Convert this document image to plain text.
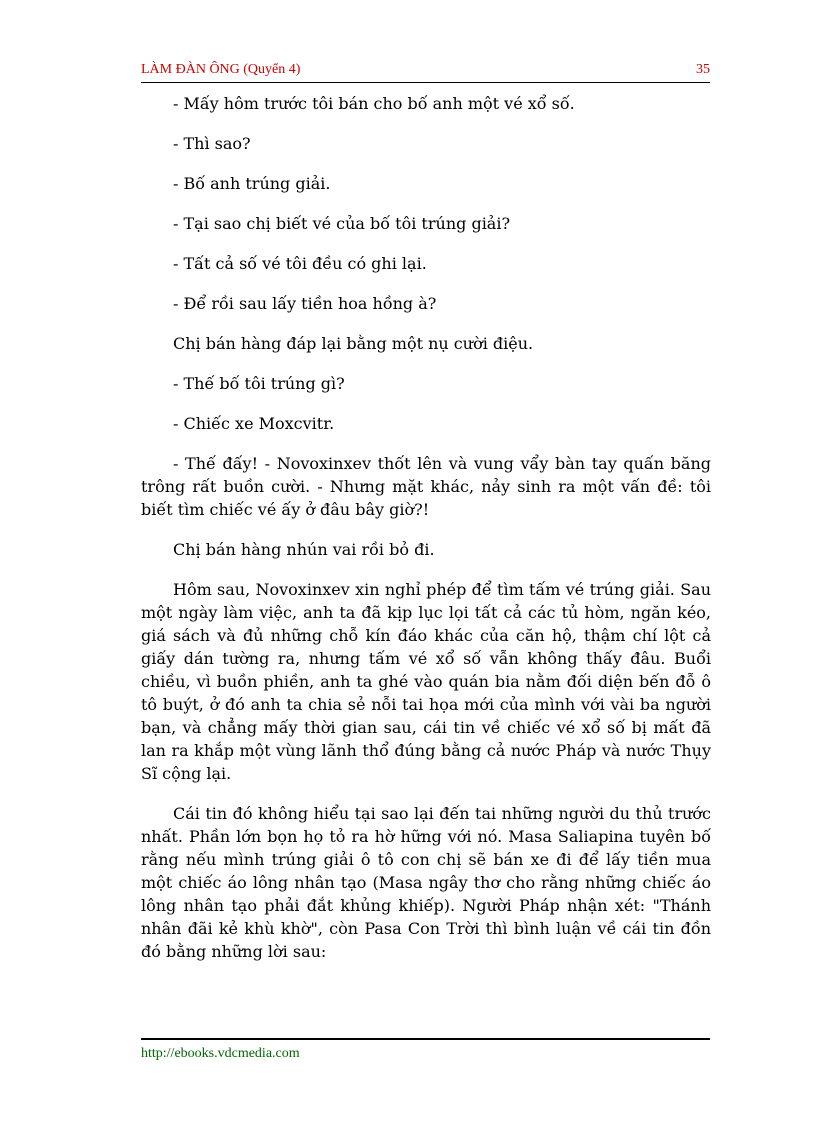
LÀM ĐÀN ÔNG (Quyển 4)	35

- Mấy hôm trước tôi bán cho bố anh một vé xổ số.

- Thì sao?

- Bố anh trúng giải.

- Tại sao chị biết vé của bố tôi trúng giải?

- Tất cả số vé tôi đều có ghi lại.

- Để rồi sau lấy tiền hoa hồng à?

Chị bán hàng đáp lại bằng một nụ cười điệu.

- Thế bố tôi trúng gì?

- Chiếc xe Moxcvitr.

- Thế đấy! - Novoxinxev thốt lên và vung vẩy bàn tay quấn băng trông rất buồn cười. - Nhưng mặt khác, nảy sinh ra một vấn đề: tôi biết tìm chiếc vé ấy ở đâu bây giờ?!

Chị bán hàng nhún vai rồi bỏ đi.

Hôm sau, Novoxinxev xin nghỉ phép để tìm tấm vé trúng giải. Sau một ngày làm việc, anh ta đã kịp lục lọi tất cả các tủ hòm, ngăn kéo, giá sách và đủ những chỗ kín đáo khác của căn hộ, thậm chí lột cả giấy dán tường ra, nhưng tấm vé xổ số vẫn không thấy đâu. Buổi chiều, vì buồn phiền, anh ta ghé vào quán bia nằm đối diện bến đỗ ô tô buýt, ở đó anh ta chia sẻ nỗi tai họa mới của mình với vài ba người bạn, và chẳng mấy thời gian sau, cái tin về chiếc vé xổ số bị mất đã lan ra khắp một vùng lãnh thổ đúng bằng cả nước Pháp và nước Thụy Sĩ cộng lại.

Cái tin đó không hiểu tại sao lại đến tai những người du thủ trước nhất. Phần lớn bọn họ tỏ ra hờ hững với nó. Masa Saliapina tuyên bố rằng nếu mình trúng giải ô tô con chị sẽ bán xe đi để lấy tiền mua một chiếc áo lông nhân tạo (Masa ngây thơ cho rằng những chiếc áo lông nhân tạo phải đắt khủng khiếp). Người Pháp nhận xét: "Thánh nhân đãi kẻ khù khờ", còn Pasa Con Trời thì bình luận về cái tin đồn đó bằng những lời sau:

http://ebooks.vdcmedia.com
